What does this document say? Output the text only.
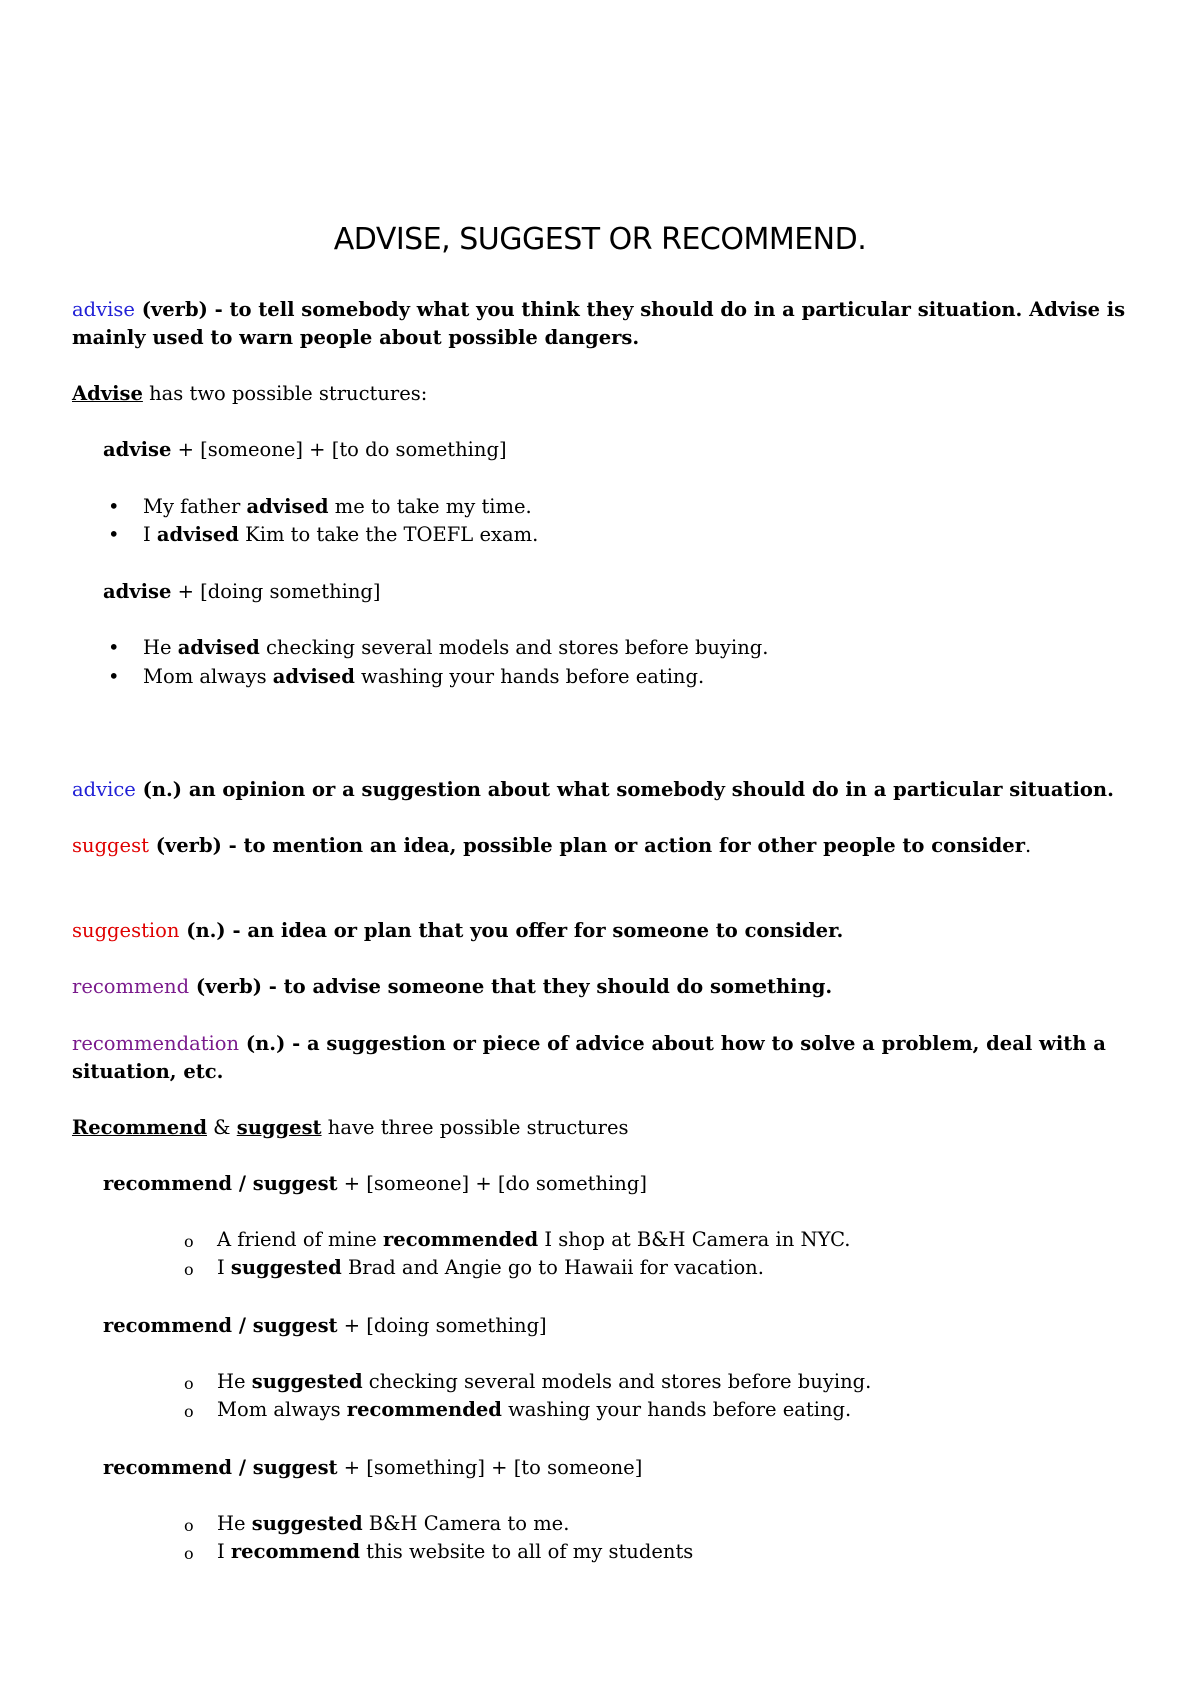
ADVISE, SUGGEST OR RECOMMEND.
advise (verb) - to tell somebody what you think they should do in a particular situation. Advise is
mainly used to warn people about possible dangers.
Advise has two possible structures:
advise + [someone] + [to do something]
• My father advised me to take my time.
• I advised Kim to take the TOEFL exam.
advise + [doing something]
• He advised checking several models and stores before buying.
• Mom always advised washing your hands before eating.
advice (n.) an opinion or a suggestion about what somebody should do in a particular situation.
suggest (verb) - to mention an idea, possible plan or action for other people to consider.
suggestion (n.) - an idea or plan that you offer for someone to consider.
recommend (verb) - to advise someone that they should do something.
recommendation (n.) - a suggestion or piece of advice about how to solve a problem, deal with a
situation, etc.
Recommend & suggest have three possible structures
recommend / suggest + [someone] + [do something]
o A friend of mine recommended I shop at B&H Camera in NYC.
o I suggested Brad and Angie go to Hawaii for vacation.
recommend / suggest + [doing something]
o He suggested checking several models and stores before buying.
o Mom always recommended washing your hands before eating.
recommend / suggest + [something] + [to someone]
o He suggested B&H Camera to me.
o I recommend this website to all of my students
